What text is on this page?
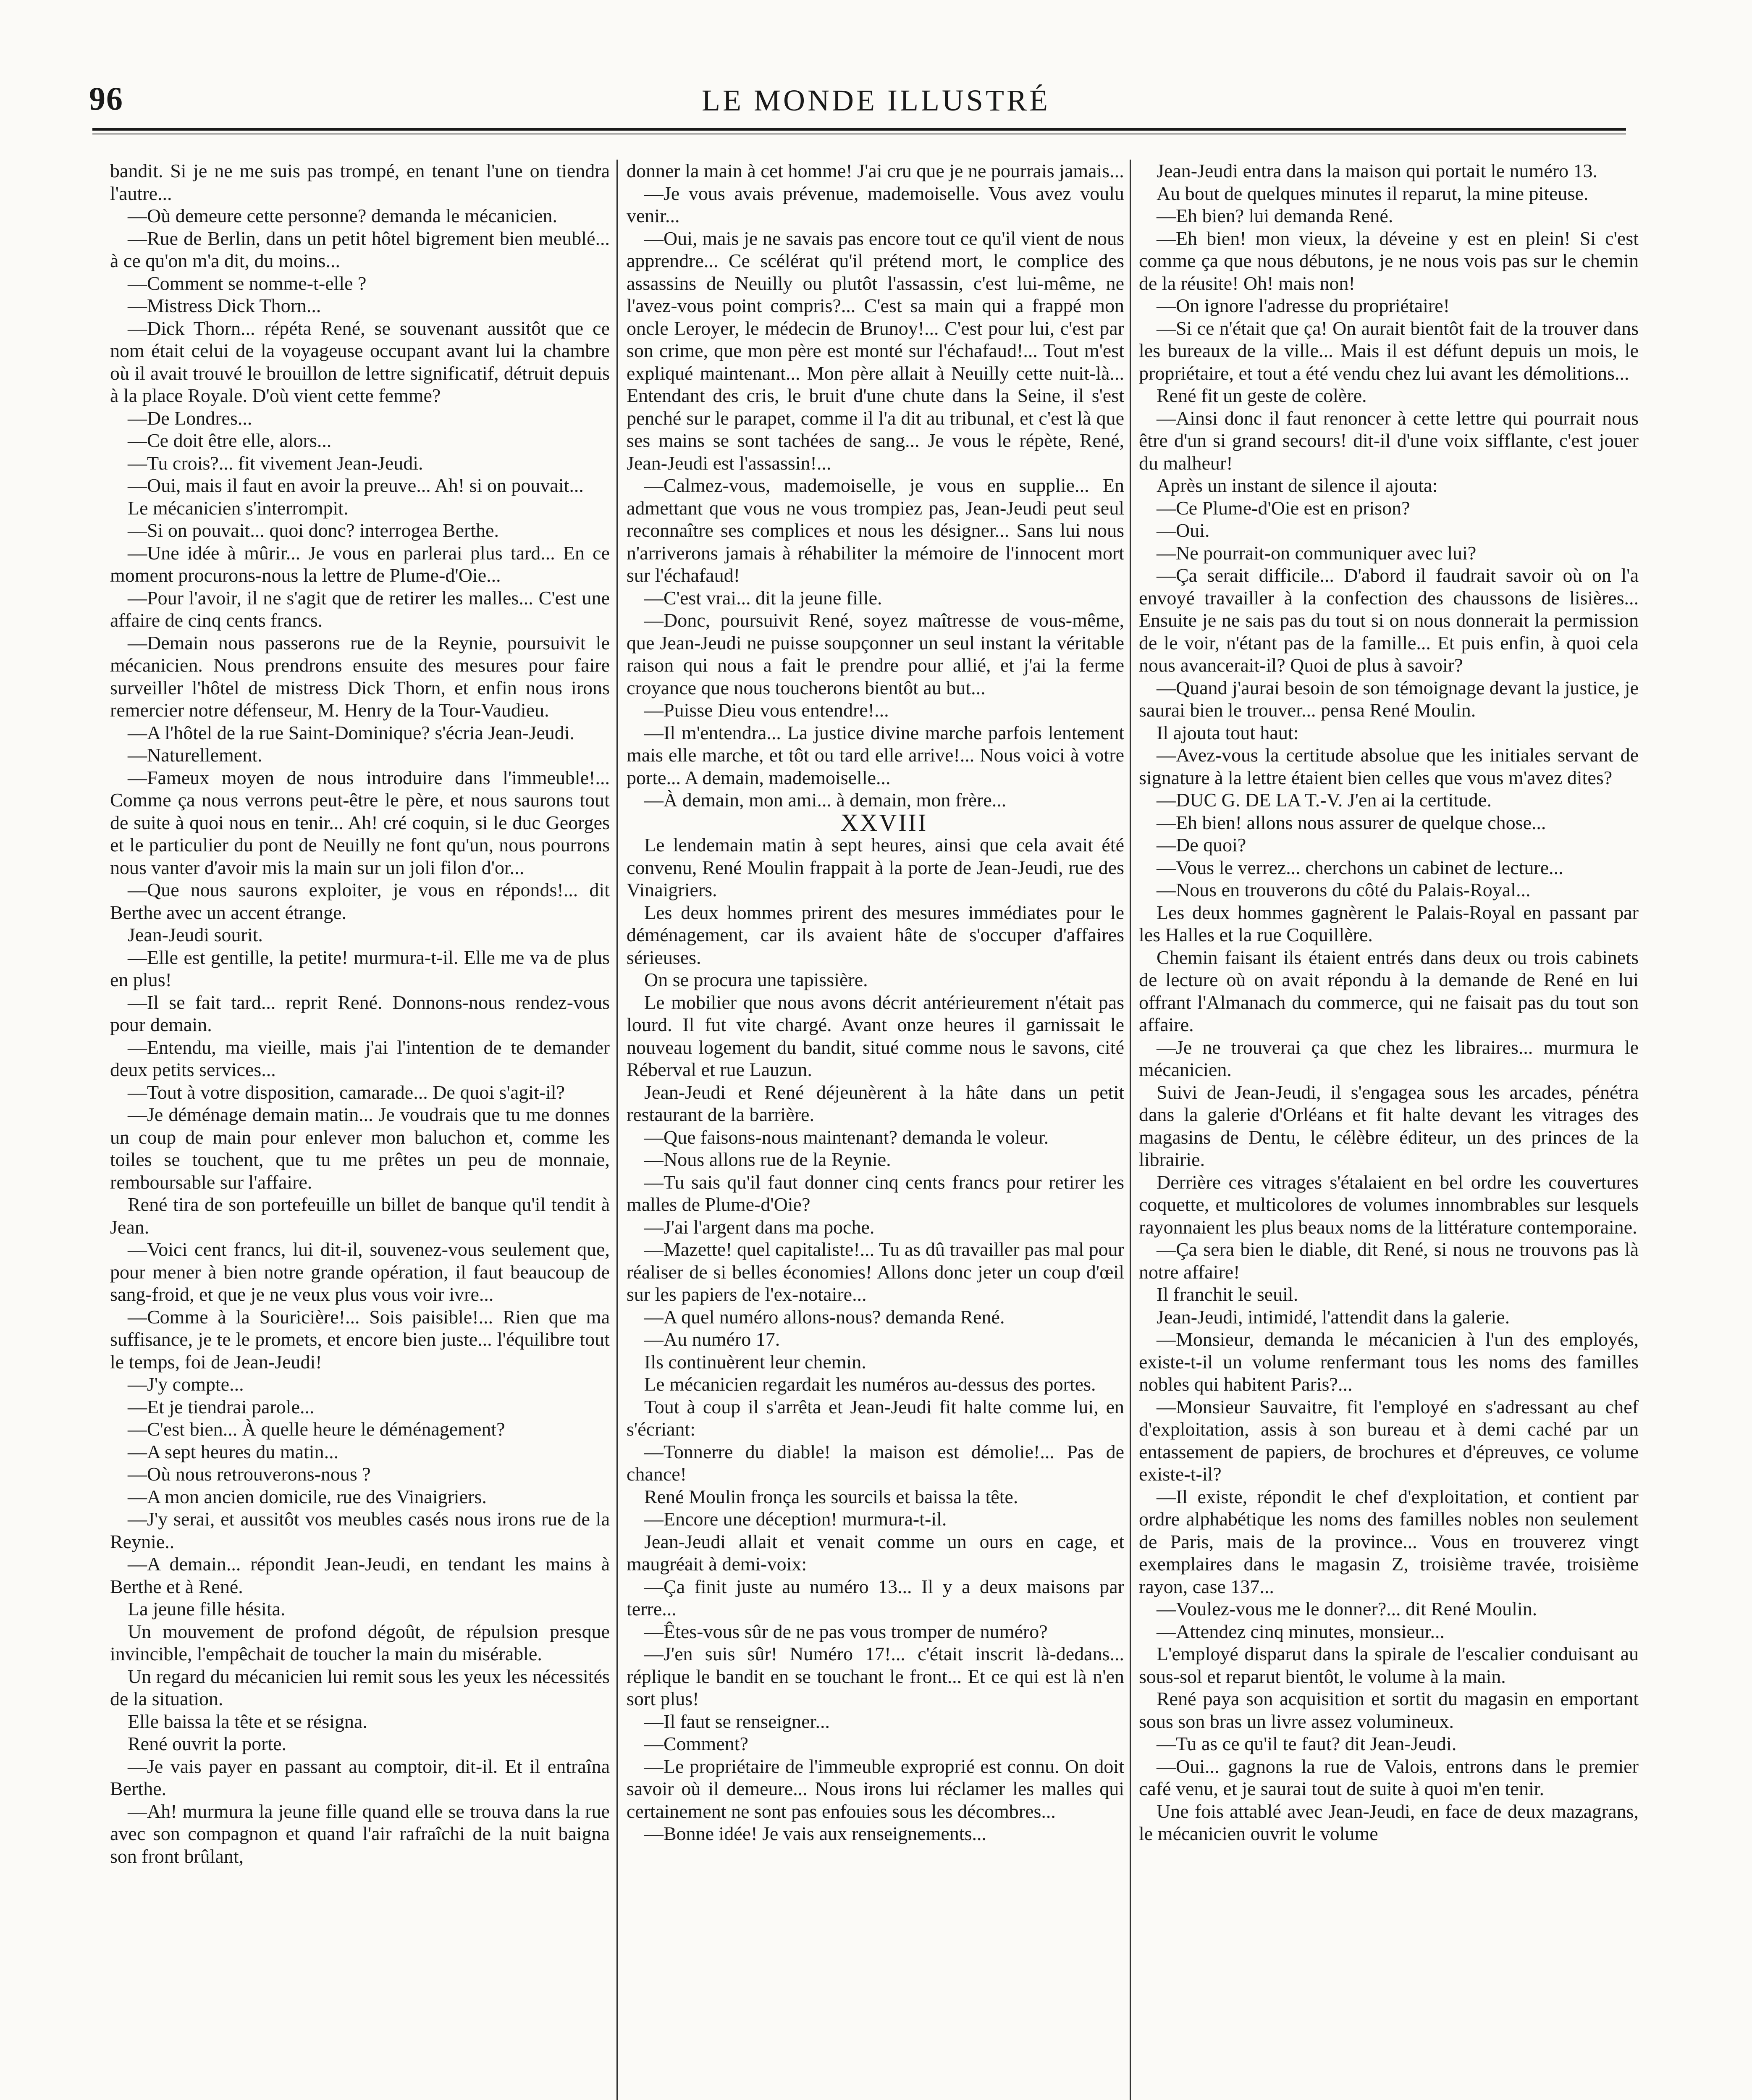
96	LE MONDE ILLUSTRÉ

bandit. Si je ne me suis pas trompé, en tenant l'une on tiendra l'autre...

—Où demeure cette personne? demanda le mécanicien.

—Rue de Berlin, dans un petit hôtel bigrement bien meublé... à ce qu'on m'a dit, du moins...

—Comment se nomme-t-elle ?

—Mistress Dick Thorn...

—Dick Thorn... répéta René, se souvenant aussitôt que ce nom était celui de la voyageuse occupant avant lui la chambre où il avait trouvé le brouillon de lettre significatif, détruit depuis à la place Royale. D'où vient cette femme?

—De Londres...

—Ce doit être elle, alors...

—Tu crois?... fit vivement Jean-Jeudi.

—Oui, mais il faut en avoir la preuve... Ah! si on pouvait...

Le mécanicien s'interrompit.

—Si on pouvait... quoi donc? interrogea Berthe.

—Une idée à mûrir... Je vous en parlerai plus tard... En ce moment procurons-nous la lettre de Plume-d'Oie...

—Pour l'avoir, il ne s'agit que de retirer les malles... C'est une affaire de cinq cents francs.

—Demain nous passerons rue de la Reynie, poursuivit le mécanicien. Nous prendrons ensuite des mesures pour faire surveiller l'hôtel de mistress Dick Thorn, et enfin nous irons remercier notre défenseur, M. Henry de la Tour-Vaudieu.

—A l'hôtel de la rue Saint-Dominique? s'écria Jean-Jeudi.

—Naturellement.

—Fameux moyen de nous introduire dans l'immeuble!... Comme ça nous verrons peut-être le père, et nous saurons tout de suite à quoi nous en tenir... Ah! cré coquin, si le duc Georges et le particulier du pont de Neuilly ne font qu'un, nous pourrons nous vanter d'avoir mis la main sur un joli filon d'or...

—Que nous saurons exploiter, je vous en réponds!... dit Berthe avec un accent étrange.

Jean-Jeudi sourit.

—Elle est gentille, la petite! murmura-t-il. Elle me va de plus en plus!

—Il se fait tard... reprit René. Donnons-nous rendez-vous pour demain.

—Entendu, ma vieille, mais j'ai l'intention de te demander deux petits services...

—Tout à votre disposition, camarade... De quoi s'agit-il?

—Je déménage demain matin... Je voudrais que tu me donnes un coup de main pour enlever mon baluchon et, comme les toiles se touchent, que tu me prêtes un peu de monnaie, remboursable sur l'affaire.

René tira de son portefeuille un billet de banque qu'il tendit à Jean.

—Voici cent francs, lui dit-il, souvenez-vous seulement que, pour mener à bien notre grande opération, il faut beaucoup de sang-froid, et que je ne veux plus vous voir ivre...

—Comme à la Souricière!... Sois paisible!... Rien que ma suffisance, je te le promets, et encore bien juste... l'équilibre tout le temps, foi de Jean-Jeudi!

—J'y compte...

—Et je tiendrai parole...

—C'est bien... À quelle heure le déménagement?

—A sept heures du matin...

—Où nous retrouverons-nous ?

—A mon ancien domicile, rue des Vinaigriers.

—J'y serai, et aussitôt vos meubles casés nous irons rue de la Reynie..

—A demain... répondit Jean-Jeudi, en tendant les mains à Berthe et à René.

La jeune fille hésita.

Un mouvement de profond dégoût, de répulsion presque invincible, l'empêchait de toucher la main du misérable.

Un regard du mécanicien lui remit sous les yeux les nécessités de la situation.

Elle baissa la tête et se résigna.

René ouvrit la porte.

—Je vais payer en passant au comptoir, dit-il. Et il entraîna Berthe.

—Ah! murmura la jeune fille quand elle se trouva dans la rue avec son compagnon et quand l'air rafraîchi de la nuit baigna son front brûlant,

donner la main à cet homme! J'ai cru que je ne pourrais jamais...

—Je vous avais prévenue, mademoiselle. Vous avez voulu venir...

—Oui, mais je ne savais pas encore tout ce qu'il vient de nous apprendre... Ce scélérat qu'il prétend mort, le complice des assassins de Neuilly ou plutôt l'assassin, c'est lui-même, ne l'avez-vous point compris?... C'est sa main qui a frappé mon oncle Leroyer, le médecin de Brunoy!... C'est pour lui, c'est par son crime, que mon père est monté sur l'échafaud!... Tout m'est expliqué maintenant... Mon père allait à Neuilly cette nuit-là... Entendant des cris, le bruit d'une chute dans la Seine, il s'est penché sur le parapet, comme il l'a dit au tribunal, et c'est là que ses mains se sont tachées de sang... Je vous le répète, René, Jean-Jeudi est l'assassin!...

—Calmez-vous, mademoiselle, je vous en supplie... En admettant que vous ne vous trompiez pas, Jean-Jeudi peut seul reconnaître ses complices et nous les désigner... Sans lui nous n'arriverons jamais à réhabiliter la mémoire de l'innocent mort sur l'échafaud!

—C'est vrai... dit la jeune fille.

—Donc, poursuivit René, soyez maîtresse de vous-même, que Jean-Jeudi ne puisse soupçonner un seul instant la véritable raison qui nous a fait le prendre pour allié, et j'ai la ferme croyance que nous toucherons bientôt au but...

—Puisse Dieu vous entendre!...

—Il m'entendra... La justice divine marche parfois lentement mais elle marche, et tôt ou tard elle arrive!... Nous voici à votre porte... A demain, mademoiselle...

—À demain, mon ami... à demain, mon frère...

XXVIII

Le lendemain matin à sept heures, ainsi que cela avait été convenu, René Moulin frappait à la porte de Jean-Jeudi, rue des Vinaigriers.

Les deux hommes prirent des mesures immédiates pour le déménagement, car ils avaient hâte de s'occuper d'affaires sérieuses.

On se procura une tapissière.

Le mobilier que nous avons décrit antérieurement n'était pas lourd. Il fut vite chargé. Avant onze heures il garnissait le nouveau logement du bandit, situé comme nous le savons, cité Réberval et rue Lauzun.

Jean-Jeudi et René déjeunèrent à la hâte dans un petit restaurant de la barrière.

—Que faisons-nous maintenant? demanda le voleur.

—Nous allons rue de la Reynie.

—Tu sais qu'il faut donner cinq cents francs pour retirer les malles de Plume-d'Oie?

—J'ai l'argent dans ma poche.

—Mazette! quel capitaliste!... Tu as dû travailler pas mal pour réaliser de si belles économies! Allons donc jeter un coup d'œil sur les papiers de l'ex-notaire...

—A quel numéro allons-nous? demanda René.

—Au numéro 17.

Ils continuèrent leur chemin.

Le mécanicien regardait les numéros au-dessus des portes.

Tout à coup il s'arrêta et Jean-Jeudi fit halte comme lui, en s'écriant:

—Tonnerre du diable! la maison est démolie!... Pas de chance!

René Moulin fronça les sourcils et baissa la tête.

—Encore une déception! murmura-t-il.

Jean-Jeudi allait et venait comme un ours en cage, et maugréait à demi-voix:

—Ça finit juste au numéro 13... Il y a deux maisons par terre...

—Êtes-vous sûr de ne pas vous tromper de numéro?

—J'en suis sûr! Numéro 17!... c'était inscrit là-dedans... réplique le bandit en se touchant le front... Et ce qui est là n'en sort plus!

—Il faut se renseigner...

—Comment?

—Le propriétaire de l'immeuble exproprié est connu. On doit savoir où il demeure... Nous irons lui réclamer les malles qui certainement ne sont pas enfouies sous les décombres...

—Bonne idée! Je vais aux renseignements...

Jean-Jeudi entra dans la maison qui portait le numéro 13.

Au bout de quelques minutes il reparut, la mine piteuse.

—Eh bien? lui demanda René.

—Eh bien! mon vieux, la déveine y est en plein! Si c'est comme ça que nous débutons, je ne nous vois pas sur le chemin de la réusite! Oh! mais non!

—On ignore l'adresse du propriétaire!

—Si ce n'était que ça! On aurait bientôt fait de la trouver dans les bureaux de la ville... Mais il est défunt depuis un mois, le propriétaire, et tout a été vendu chez lui avant les démolitions...

René fit un geste de colère.

—Ainsi donc il faut renoncer à cette lettre qui pourrait nous être d'un si grand secours! dit-il d'une voix sifflante, c'est jouer du malheur!

Après un instant de silence il ajouta:

—Ce Plume-d'Oie est en prison?

—Oui.

—Ne pourrait-on communiquer avec lui?

—Ça serait difficile... D'abord il faudrait savoir où on l'a envoyé travailler à la confection des chaussons de lisières... Ensuite je ne sais pas du tout si on nous donnerait la permission de le voir, n'étant pas de la famille... Et puis enfin, à quoi cela nous avancerait-il? Quoi de plus à savoir?

—Quand j'aurai besoin de son témoignage devant la justice, je saurai bien le trouver... pensa René Moulin.

Il ajouta tout haut:

—Avez-vous la certitude absolue que les initiales servant de signature à la lettre étaient bien celles que vous m'avez dites?

—DUC G. DE LA T.-V. J'en ai la certitude.

—Eh bien! allons nous assurer de quelque chose...

—De quoi?

—Vous le verrez... cherchons un cabinet de lecture...

—Nous en trouverons du côté du Palais-Royal...

Les deux hommes gagnèrent le Palais-Royal en passant par les Halles et la rue Coquillère.

Chemin faisant ils étaient entrés dans deux ou trois cabinets de lecture où on avait répondu à la demande de René en lui offrant l'Almanach du commerce, qui ne faisait pas du tout son affaire.

—Je ne trouverai ça que chez les libraires... murmura le mécanicien.

Suivi de Jean-Jeudi, il s'engagea sous les arcades, pénétra dans la galerie d'Orléans et fit halte devant les vitrages des magasins de Dentu, le célèbre éditeur, un des princes de la librairie.

Derrière ces vitrages s'étalaient en bel ordre les couvertures coquette, et multicolores de volumes innombrables sur lesquels rayonnaient les plus beaux noms de la littérature contemporaine.

—Ça sera bien le diable, dit René, si nous ne trouvons pas là notre affaire!

Il franchit le seuil.

Jean-Jeudi, intimidé, l'attendit dans la galerie.

—Monsieur, demanda le mécanicien à l'un des employés, existe-t-il un volume renfermant tous les noms des familles nobles qui habitent Paris?...

—Monsieur Sauvaitre, fit l'employé en s'adressant au chef d'exploitation, assis à son bureau et à demi caché par un entassement de papiers, de brochures et d'épreuves, ce volume existe-t-il?

—Il existe, répondit le chef d'exploitation, et contient par ordre alphabétique les noms des familles nobles non seulement de Paris, mais de la province... Vous en trouverez vingt exemplaires dans le magasin Z, troisième travée, troisième rayon, case 137...

—Voulez-vous me le donner?... dit René Moulin.

—Attendez cinq minutes, monsieur...

L'employé disparut dans la spirale de l'escalier conduisant au sous-sol et reparut bientôt, le volume à la main.

René paya son acquisition et sortit du magasin en emportant sous son bras un livre assez volumineux.

—Tu as ce qu'il te faut? dit Jean-Jeudi.

—Oui... gagnons la rue de Valois, entrons dans le premier café venu, et je saurai tout de suite à quoi m'en tenir.

Une fois attablé avec Jean-Jeudi, en face de deux mazagrans, le mécanicien ouvrit le volume
